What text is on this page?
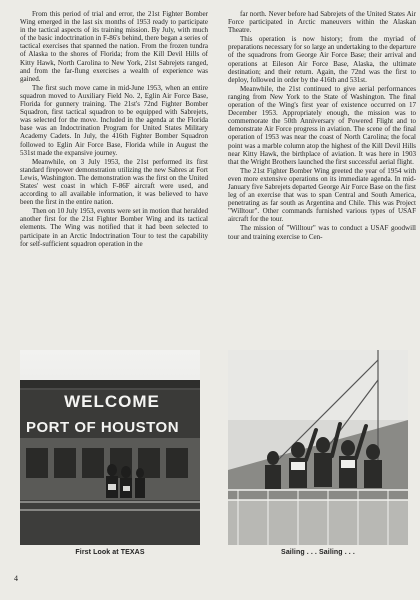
From this period of trial and error, the 21st Fighter Bomber Wing emerged in the last six months of 1953 ready to participate in the tactical aspects of its training mission. By July, with much of the basic indoctrination in F-86's behind, there began a series of tactical exercises that spanned the nation. From the frozen tundra of Alaska to the shores of Florida; from the Kill Devil Hills of Kitty Hawk, North Carolina to New York, 21st Sabrejets ranged, and from the far-flung exercises a wealth of experience was gained.

The first such move came in mid-June 1953, when an entire squadron moved to Auxiliary Field No. 2, Eglin Air Force Base, Florida for gunnery training. The 21st's 72nd Fighter Bomber Squadron, first tactical squadron to be equipped with Sabrejets, was selected for the move. Included in the agenda at the Florida base was an Indoctrination Program for United States Military Academy Cadets. In July, the 416th Fighter Bomber Squadron followed to Eglin Air Force Base, Florida while in August the 531st made the expansive journey.

Meanwhile, on 3 July 1953, the 21st performed its first standard firepower demonstration utilizing the new Sabres at Fort Lewis, Washington. The demonstration was the first on the United States' west coast in which F-86F aircraft were used, and according to all available information, it was believed to have been the first in the entire nation.

Then on 10 July 1953, events were set in motion that heralded another first for the 21st Fighter Bomber Wing and its tactical elements. The Wing was notified that it had been selected to participate in an Arctic Indoctrination Tour to test the capability for self-sufficient squadron operation in the

far north. Never before had Sabrejets of the United States Air Force participated in Arctic maneuvers within the Alaskan Theatre.

This operation is now history; from the myriad of preparations necessary for so large an undertaking to the departure of the squadrons from George Air Force Base; their arrival and operations at Eileson Air Force Base, Alaska, the ultimate destination; and their return. Again, the 72nd was the first to deploy, followed in order by the 416th and 531st.

Meanwhile, the 21st continued to give aerial performances ranging from New York to the State of Washington. The final operation of the Wing's first year of existence occurred on 17 December 1953. Appropriately enough, the mission was to commemorate the 50th Anniversary of Powered Flight and to demonstrate Air Force progress in aviation. The scene of the final operation of 1953 was near the coast of North Carolina; the focal point was a marble column atop the highest of the Kill Devil Hills near Kitty Hawk, the birthplace of aviation. It was here in 1903 that the Wright Brothers launched the first successful aerial flight.

The 21st Fighter Bomber Wing greeted the year of 1954 with even more extensive operations on its immediate agenda. In mid-January five Sabrejets departed George Air Force Base on the first leg of an exercise that was to span Central and South America, penetrating as far south as Argentina and Chile. This was Project "Willtour". Other commands furnished various types of USAF aircraft for the tour.

The mission of "Willtour" was to conduct a USAF goodwill tour and training exercise to Cen-

WELCOME
PORT OF HOUSTON
First Look at TEXAS	Sailing . . . Sailing . . .
4
